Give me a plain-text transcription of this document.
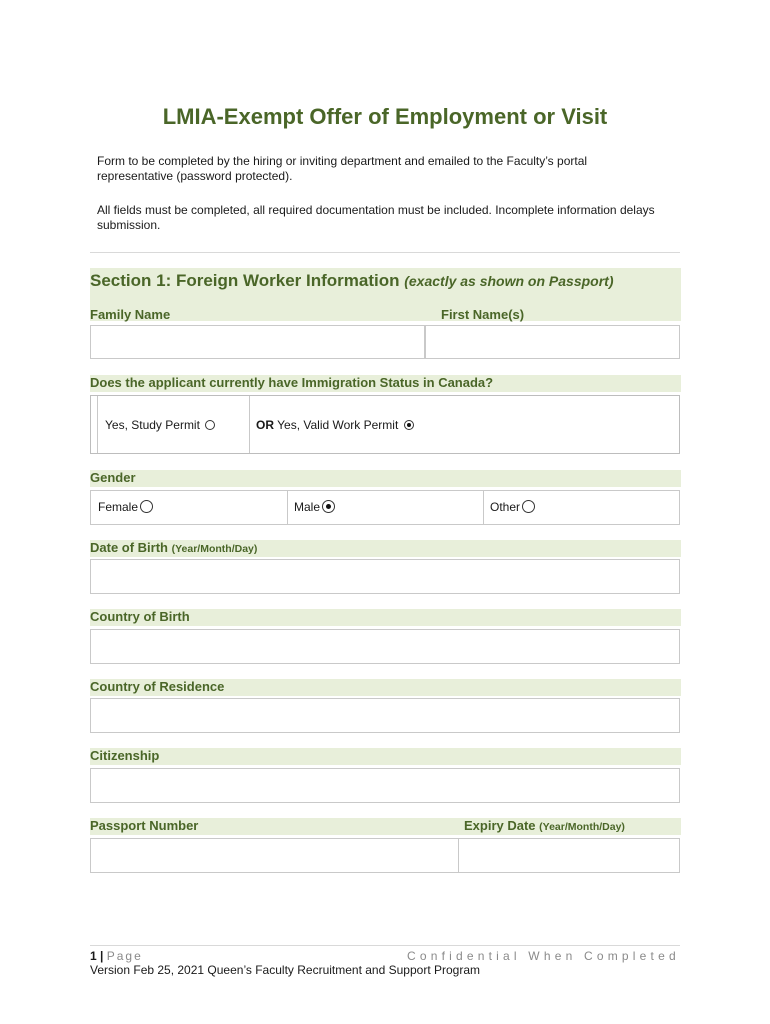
LMIA-Exempt Offer of Employment or Visit
Form to be completed by the hiring or inviting department and emailed to the Faculty’s portal representative (password protected).
All fields must be completed, all required documentation must be included. Incomplete information delays submission.
Section 1: Foreign Worker Information (exactly as shown on Passport)
Family Name	First Name(s)
Does the applicant currently have Immigration Status in Canada?
Yes, Study Permit	OR Yes, Valid Work Permit
Gender
Female	Male	Other
Date of Birth (Year/Month/Day)
Country of Birth
Country of Residence
Citizenship
Passport Number	Expiry Date (Year/Month/Day)
1 | Page	Confidential When Completed
Version Feb 25, 2021 Queen’s Faculty Recruitment and Support Program
